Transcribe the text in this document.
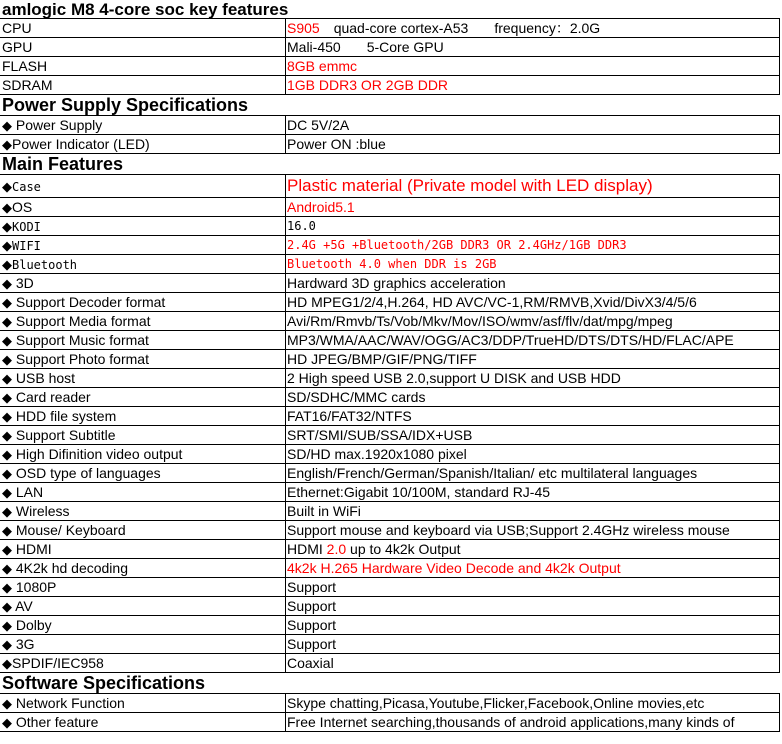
amlogic M8 4-core soc key features
CPU	S905 quad-core cortex-A53 frequency：2.0G
GPU	Mali-450 5-Core GPU
FLASH	8GB emmc
SDRAM	1GB DDR3 OR 2GB DDR
Power Supply Specifications
◆ Power Supply	DC 5V/2A
◆Power Indicator (LED)	Power ON :blue
Main Features
◆Case	Plastic material (Private model with LED display)
◆OS	Android5.1
◆KODI	16.0
◆WIFI	2.4G +5G +Bluetooth/2GB DDR3 OR 2.4GHz/1GB DDR3
◆Bluetooth	Bluetooth 4.0 when DDR is 2GB
◆ 3D	Hardward 3D graphics acceleration
◆ Support Decoder format	HD MPEG1/2/4,H.264, HD AVC/VC-1,RM/RMVB,Xvid/DivX3/4/5/6
◆ Support Media format	Avi/Rm/Rmvb/Ts/Vob/Mkv/Mov/ISO/wmv/asf/flv/dat/mpg/mpeg
◆ Support Music format	MP3/WMA/AAC/WAV/OGG/AC3/DDP/TrueHD/DTS/DTS/HD/FLAC/APE
◆ Support Photo format	HD JPEG/BMP/GIF/PNG/TIFF
◆ USB host	2 High speed USB 2.0,support U DISK and USB HDD
◆ Card reader	SD/SDHC/MMC cards
◆ HDD file system	FAT16/FAT32/NTFS
◆ Support Subtitle	SRT/SMI/SUB/SSA/IDX+USB
◆ High Difinition video output	SD/HD max.1920x1080 pixel
◆ OSD type of languages	English/French/German/Spanish/Italian/ etc multilateral languages
◆ LAN	Ethernet:Gigabit 10/100M, standard RJ-45
◆ Wireless	Built in WiFi
◆ Mouse/ Keyboard	Support mouse and keyboard via USB;Support 2.4GHz wireless mouse
◆ HDMI	HDMI 2.0 up to 4k2k Output
◆ 4K2k hd decoding	4k2k H.265 Hardware Video Decode and 4k2k Output
◆ 1080P	Support
◆ AV	Support
◆ Dolby	Support
◆ 3G	Support
◆SPDIF/IEC958	Coaxial
Software Specifications
◆ Network Function	Skype chatting,Picasa,Youtube,Flicker,Facebook,Online movies,etc
◆ Other feature	Free Internet searching,thousands of android applications,many kinds of
